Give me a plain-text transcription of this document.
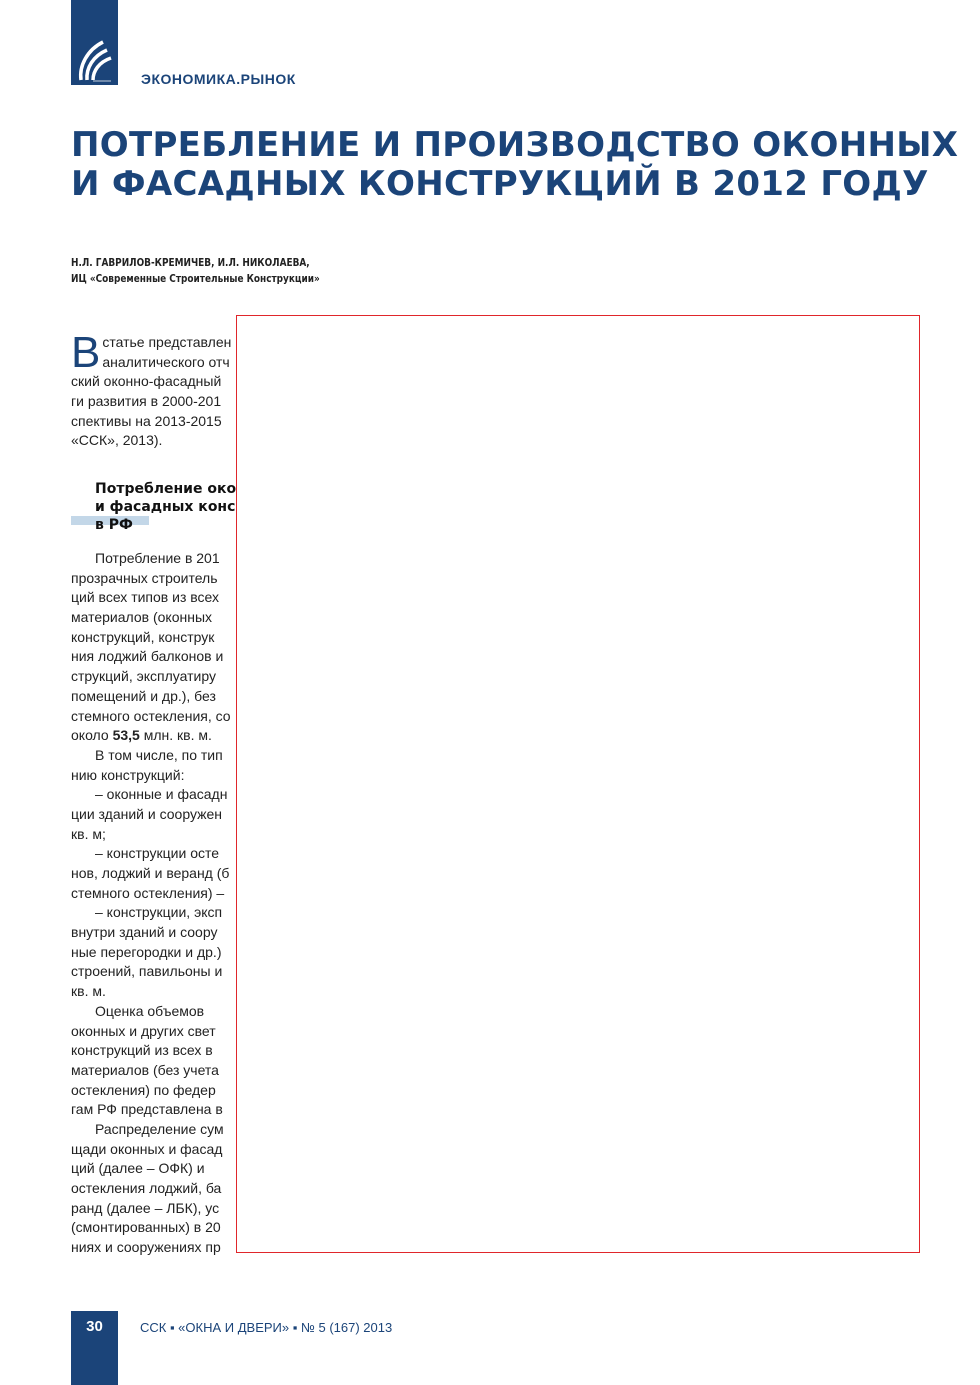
ЭКОНОМИКА.РЫНОК
ПОТРЕБЛЕНИЕ И ПРОИЗВОДСТВО ОКОННЫХ
И ФАСАДНЫХ КОНСТРУКЦИЙ В 2012 ГОДУ
Н.Л. ГАВРИЛОВ-КРЕМИЧЕВ, И.Л. НИКОЛАЕВА,
ИЦ «Современные Строительные Конструкции»
В статье представлен
аналитического отч
ский оконно-фасадный
ги развития в 2000-201
спективы на 2013-2015
«ССК», 2013).
Потребление око
и фасадных конс
в РФ
Потребление в 201
прозрачных строитель
ций всех типов из всех
материалов (оконных
конструкций, конструк
ния лоджий балконов и
струкций, эксплуатиру
помещений и др.), без
стемного остекления, со
около 53,5 млн. кв. м.
В том числе, по тип
нию конструкций:
– оконные и фасадн
ции зданий и сооружен
кв. м;
– конструкции осте
нов, лоджий и веранд (б
стемного остекления) –
– конструкции, эксп
внутри зданий и соору
ные перегородки и др.)
строений, павильоны и
кв. м.
Оценка объемов
оконных и других свет
конструкций из всех в
материалов (без учета
остекления) по федер
гам РФ представлена в
Распределение сум
щади оконных и фасад
ций (далее – ОФК) и
остекления лоджий, ба
ранд (далее – ЛБК), ус
(смонтированных) в 20
ниях и сооружениях пр
30	ССК ▪ «ОКНА И ДВЕРИ» ▪ № 5 (167) 2013
